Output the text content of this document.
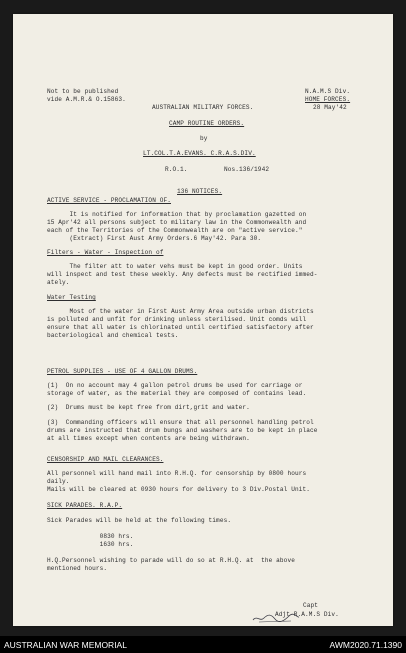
Not to be published
vide A.M.R.& O.15863.
AUSTRALIAN MILITARY FORCES.
N.A.M.S Div.
HOME FORCES.
28 May'42
CAMP ROUTINE ORDERS.
by
LT.COL.T.A.EVANS. C.R.A.S.DIV.
R.O.1.	Nos.136/1942
136 NOTICES.
ACTIVE SERVICE - PROCLAMATION OF.
It is notified for information that by proclamation gazetted on
15 Apr'42 all persons subject to military law in the Commonwealth and
each of the Territories of the Commonwealth are on "active service."
(Extract) First Aust Army Orders.6 May'42. Para 30.
Filters - Water - Inspection of
The filter att to water vehs must be kept in good order. Units
will inspect and test these weekly. Any defects must be rectified immed-
ately.
Water Testing
Most of the water in First Aust Army Area outside urban districts
is polluted and unfit for drinking unless sterilised. Unit comds will
ensure that all water is chlorinated until certified satisfactory after
bacteriological and chemical tests.
PETROL SUPPLIES - USE OF 4 GALLON DRUMS.
(1)  On no account may 4 gallon petrol drums be used for carriage or
storage of water, as the material they are composed of contains lead.
(2)  Drums must be kept free from dirt,grit and water.
(3)  Commanding officers will ensure that all personnel handling petrol
drums are instructed that drum bungs and washers are to be kept in place
at all times except when contents are being withdrawn.
CENSORSHIP AND MAIL CLEARANCES.
All personnel will hand mail into R.H.Q. for censorship by 0800 hours
daily.
Mails will be cleared at 0930 hours for delivery to 3 Div.Postal Unit.
SICK PARADES. R.A.P.
Sick Parades will be held at the following times.
0830 hrs.
1630 hrs.
H.Q.Personnel wishing to parade will do so at R.H.Q. at  the above
mentioned hours.
Capt
Adjt R.A.M.S Div.
AUSTRALIAN WAR MEMORIAL	AWM2020.71.1390
